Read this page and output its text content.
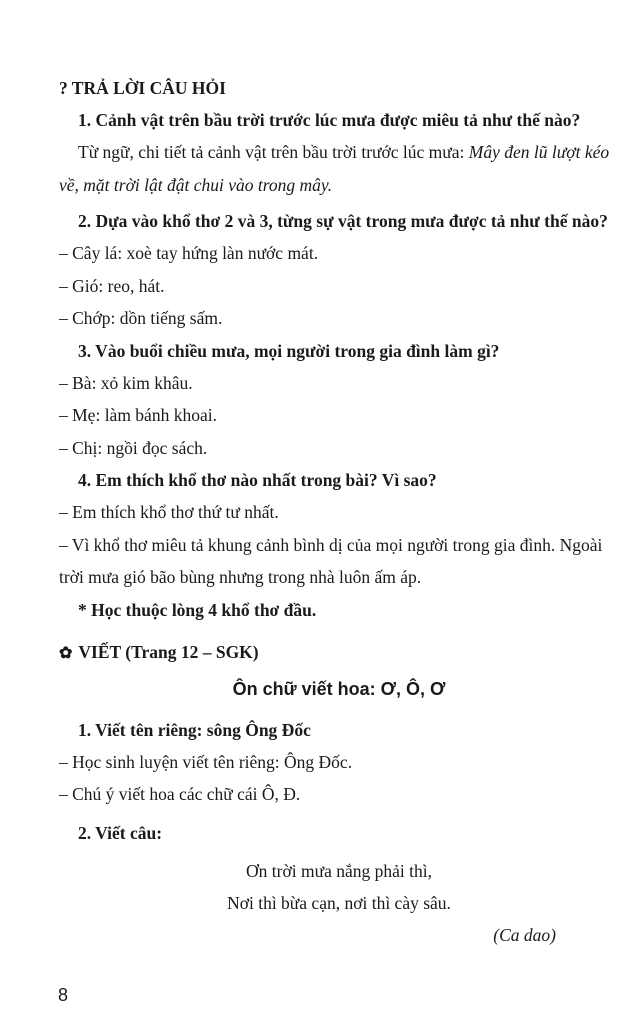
? TRẢ LỜI CÂU HỎI

1. Cảnh vật trên bầu trời trước lúc mưa được miêu tả như thế nào?

Từ ngữ, chi tiết tả cảnh vật trên bầu trời trước lúc mưa: Mây đen lũ lượt kéo về, mặt trời lật đật chui vào trong mây.

2. Dựa vào khổ thơ 2 và 3, từng sự vật trong mưa được tả như thế nào?

– Cây lá: xoè tay hứng làn nước mát.

– Gió: reo, hát.

– Chớp: dồn tiếng sấm.

3. Vào buổi chiều mưa, mọi người trong gia đình làm gì?

– Bà: xỏ kim khâu.

– Mẹ: làm bánh khoai.

– Chị: ngồi đọc sách.

4. Em thích khổ thơ nào nhất trong bài? Vì sao?

– Em thích khổ thơ thứ tư nhất.

– Vì khổ thơ miêu tả khung cảnh bình dị của mọi người trong gia đình. Ngoài trời mưa gió bão bùng nhưng trong nhà luôn ấm áp.

* Học thuộc lòng 4 khổ thơ đầu.

✿ VIẾT (Trang 12 – SGK)

Ôn chữ viết hoa: Ơ, Ô, Ơ

1. Viết tên riêng: sông Ông Đốc

– Học sinh luyện viết tên riêng: Ông Đốc.

– Chú ý viết hoa các chữ cái Ô, Đ.

2. Viết câu:

Ơn trời mưa nắng phải thì,

Nơi thì bừa cạn, nơi thì cày sâu.

(Ca dao)

8
